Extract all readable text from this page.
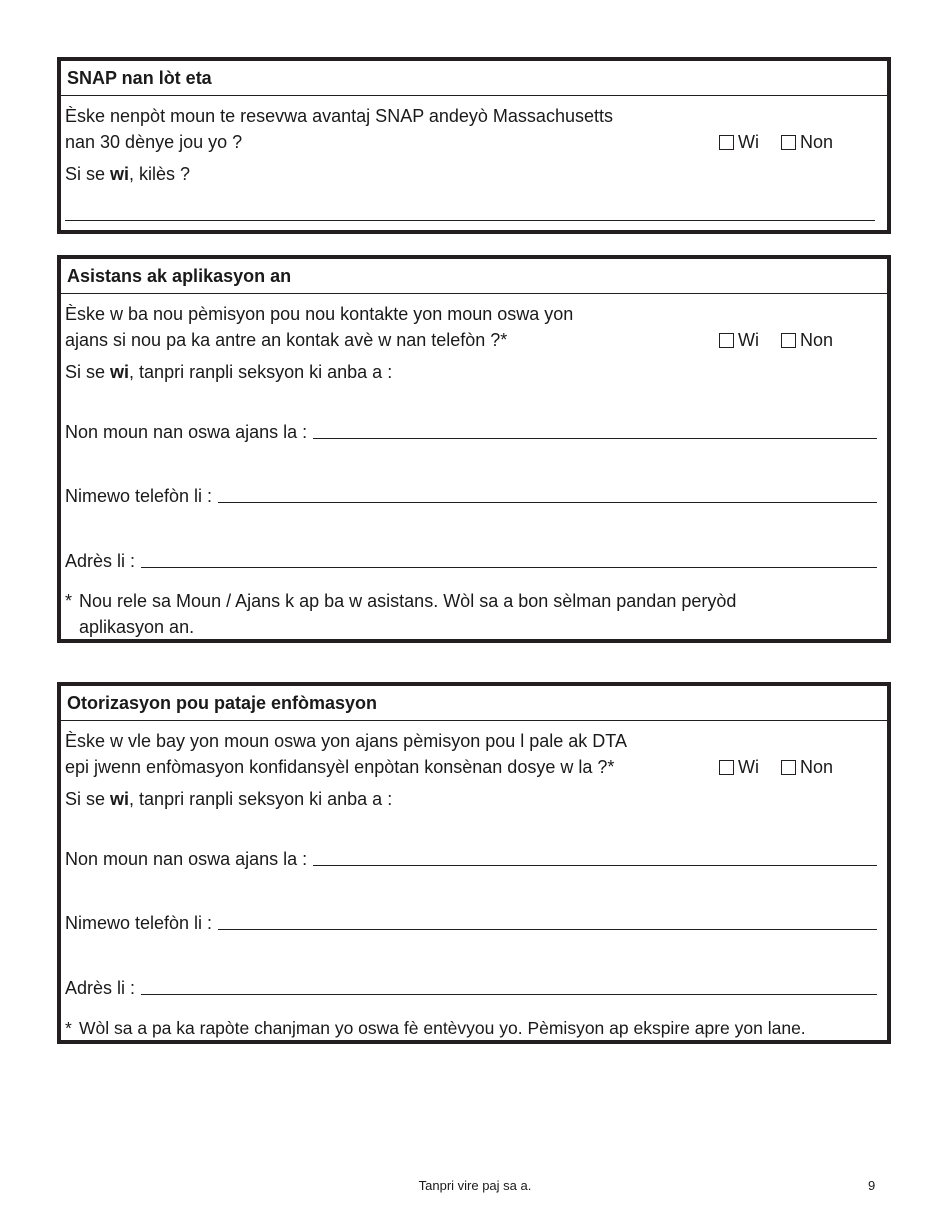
SNAP nan lòt eta
Èske nenpòt moun te resevwa avantaj SNAP andeyò Massachusetts
nan 30 dènye jou yo ?	Wi Non
Si se wi, kilès ?
Asistans ak aplikasyon an
Èske w ba nou pèmisyon pou nou kontakte yon moun oswa yon
ajans si nou pa ka antre an kontak avè w nan telefòn ?*	Wi Non
Si se wi, tanpri ranpli seksyon ki anba a :
Non moun nan oswa ajans la :
Nimewo telefòn li :
Adrès li :
* Nou rele sa Moun / Ajans k ap ba w asistans. Wòl sa a bon sèlman pandan peryòd
aplikasyon an.
Otorizasyon pou pataje enfòmasyon
Èske w vle bay yon moun oswa yon ajans pèmisyon pou l pale ak DTA
epi jwenn enfòmasyon konfidansyèl enpòtan konsènan dosye w la ?*	Wi Non
Si se wi, tanpri ranpli seksyon ki anba a :
Non moun nan oswa ajans la :
Nimewo telefòn li :
Adrès li :
* Wòl sa a pa ka rapòte chanjman yo oswa fè entèvyou yo. Pèmisyon ap ekspire apre yon lane.
Tanpri vire paj sa a.	9
